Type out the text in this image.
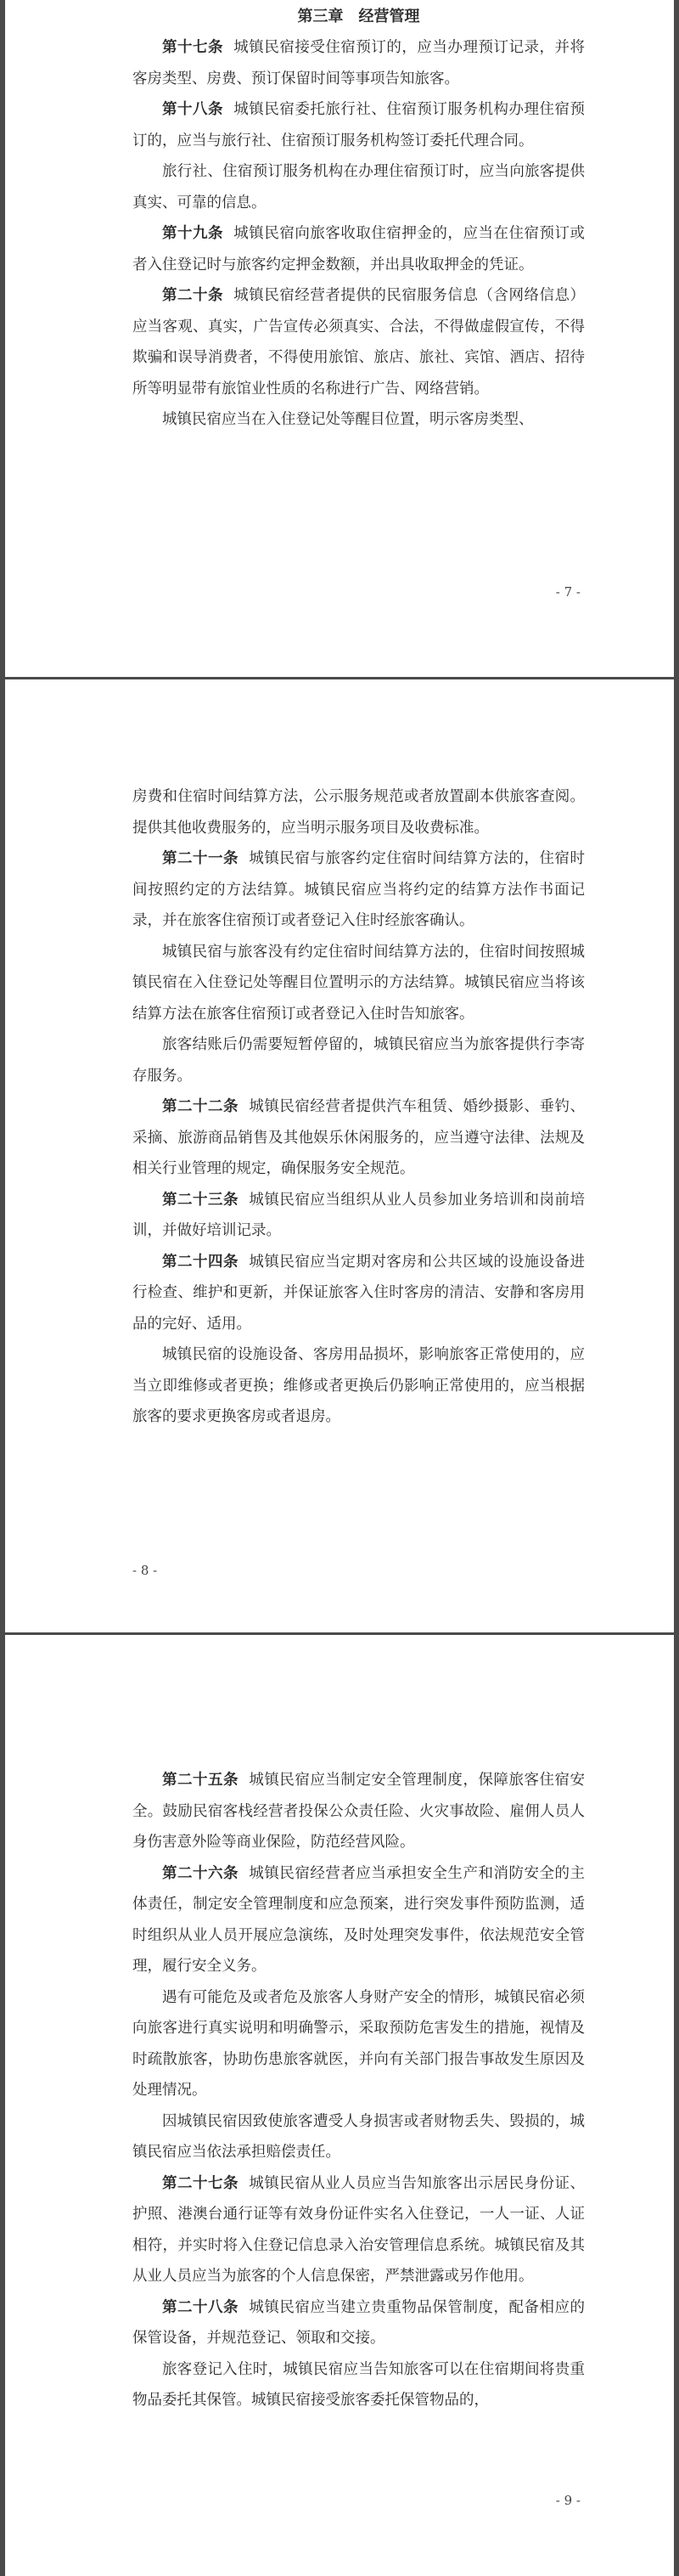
第三章　经营管理

第十七条 城镇民宿接受住宿预订的，应当办理预订记录，并将客房类型、房费、预订保留时间等事项告知旅客。

第十八条 城镇民宿委托旅行社、住宿预订服务机构办理住宿预订的，应当与旅行社、住宿预订服务机构签订委托代理合同。

旅行社、住宿预订服务机构在办理住宿预订时，应当向旅客提供真实、可靠的信息。

第十九条 城镇民宿向旅客收取住宿押金的，应当在住宿预订或者入住登记时与旅客约定押金数额，并出具收取押金的凭证。

第二十条 城镇民宿经营者提供的民宿服务信息（含网络信息）应当客观、真实，广告宣传必须真实、合法，不得做虚假宣传，不得欺骗和误导消费者，不得使用旅馆、旅店、旅社、宾馆、酒店、招待所等明显带有旅馆业性质的名称进行广告、网络营销。

城镇民宿应当在入住登记处等醒目位置，明示客房类型、

- 7 -

房费和住宿时间结算方法，公示服务规范或者放置副本供旅客查阅。提供其他收费服务的，应当明示服务项目及收费标准。

第二十一条 城镇民宿与旅客约定住宿时间结算方法的，住宿时间按照约定的方法结算。城镇民宿应当将约定的结算方法作书面记录，并在旅客住宿预订或者登记入住时经旅客确认。

城镇民宿与旅客没有约定住宿时间结算方法的，住宿时间按照城镇民宿在入住登记处等醒目位置明示的方法结算。城镇民宿应当将该结算方法在旅客住宿预订或者登记入住时告知旅客。

旅客结账后仍需要短暂停留的，城镇民宿应当为旅客提供行李寄存服务。

第二十二条 城镇民宿经营者提供汽车租赁、婚纱摄影、垂钓、采摘、旅游商品销售及其他娱乐休闲服务的，应当遵守法律、法规及相关行业管理的规定，确保服务安全规范。

第二十三条 城镇民宿应当组织从业人员参加业务培训和岗前培训，并做好培训记录。

第二十四条 城镇民宿应当定期对客房和公共区域的设施设备进行检查、维护和更新，并保证旅客入住时客房的清洁、安静和客房用品的完好、适用。

城镇民宿的设施设备、客房用品损坏，影响旅客正常使用的，应当立即维修或者更换；维修或者更换后仍影响正常使用的，应当根据旅客的要求更换客房或者退房。

- 8 -

第二十五条 城镇民宿应当制定安全管理制度，保障旅客住宿安全。鼓励民宿客栈经营者投保公众责任险、火灾事故险、雇佣人员人身伤害意外险等商业保险，防范经营风险。

第二十六条 城镇民宿经营者应当承担安全生产和消防安全的主体责任，制定安全管理制度和应急预案，进行突发事件预防监测，适时组织从业人员开展应急演练，及时处理突发事件，依法规范安全管理，履行安全义务。

遇有可能危及或者危及旅客人身财产安全的情形，城镇民宿必须向旅客进行真实说明和明确警示，采取预防危害发生的措施，视情及时疏散旅客，协助伤患旅客就医，并向有关部门报告事故发生原因及处理情况。

因城镇民宿因致使旅客遭受人身损害或者财物丢失、毁损的，城镇民宿应当依法承担赔偿责任。

第二十七条 城镇民宿从业人员应当告知旅客出示居民身份证、护照、港澳台通行证等有效身份证件实名入住登记，一人一证、人证相符，并实时将入住登记信息录入治安管理信息系统。城镇民宿及其从业人员应当为旅客的个人信息保密，严禁泄露或另作他用。

第二十八条 城镇民宿应当建立贵重物品保管制度，配备相应的保管设备，并规范登记、领取和交接。

旅客登记入住时，城镇民宿应当告知旅客可以在住宿期间将贵重物品委托其保管。城镇民宿接受旅客委托保管物品的，

- 9 -
